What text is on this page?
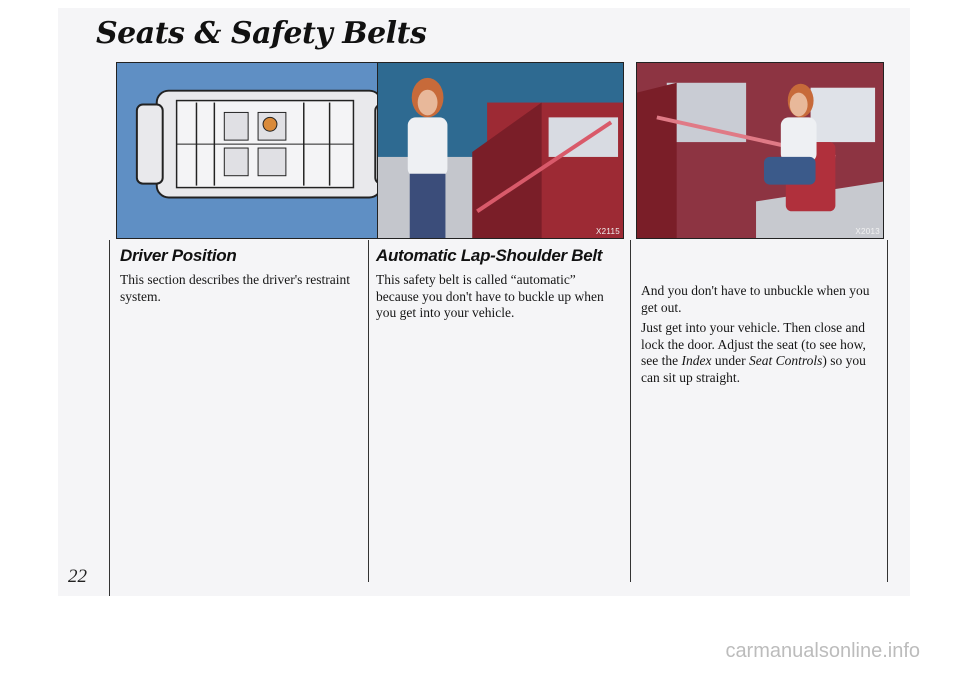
Seats & Safety Belts
X2115	X2013
Driver Position

This section describes the driver's restraint system.

Automatic Lap-Shoulder Belt

This safety belt is called “automatic” because you don't have to buckle up when you get into your vehicle.

And you don't have to unbuckle when you get out.

Just get into your vehicle. Then close and lock the door. Adjust the seat (to see how, see the Index under Seat Controls) so you can sit up straight.

22

carmanualsonline.info
